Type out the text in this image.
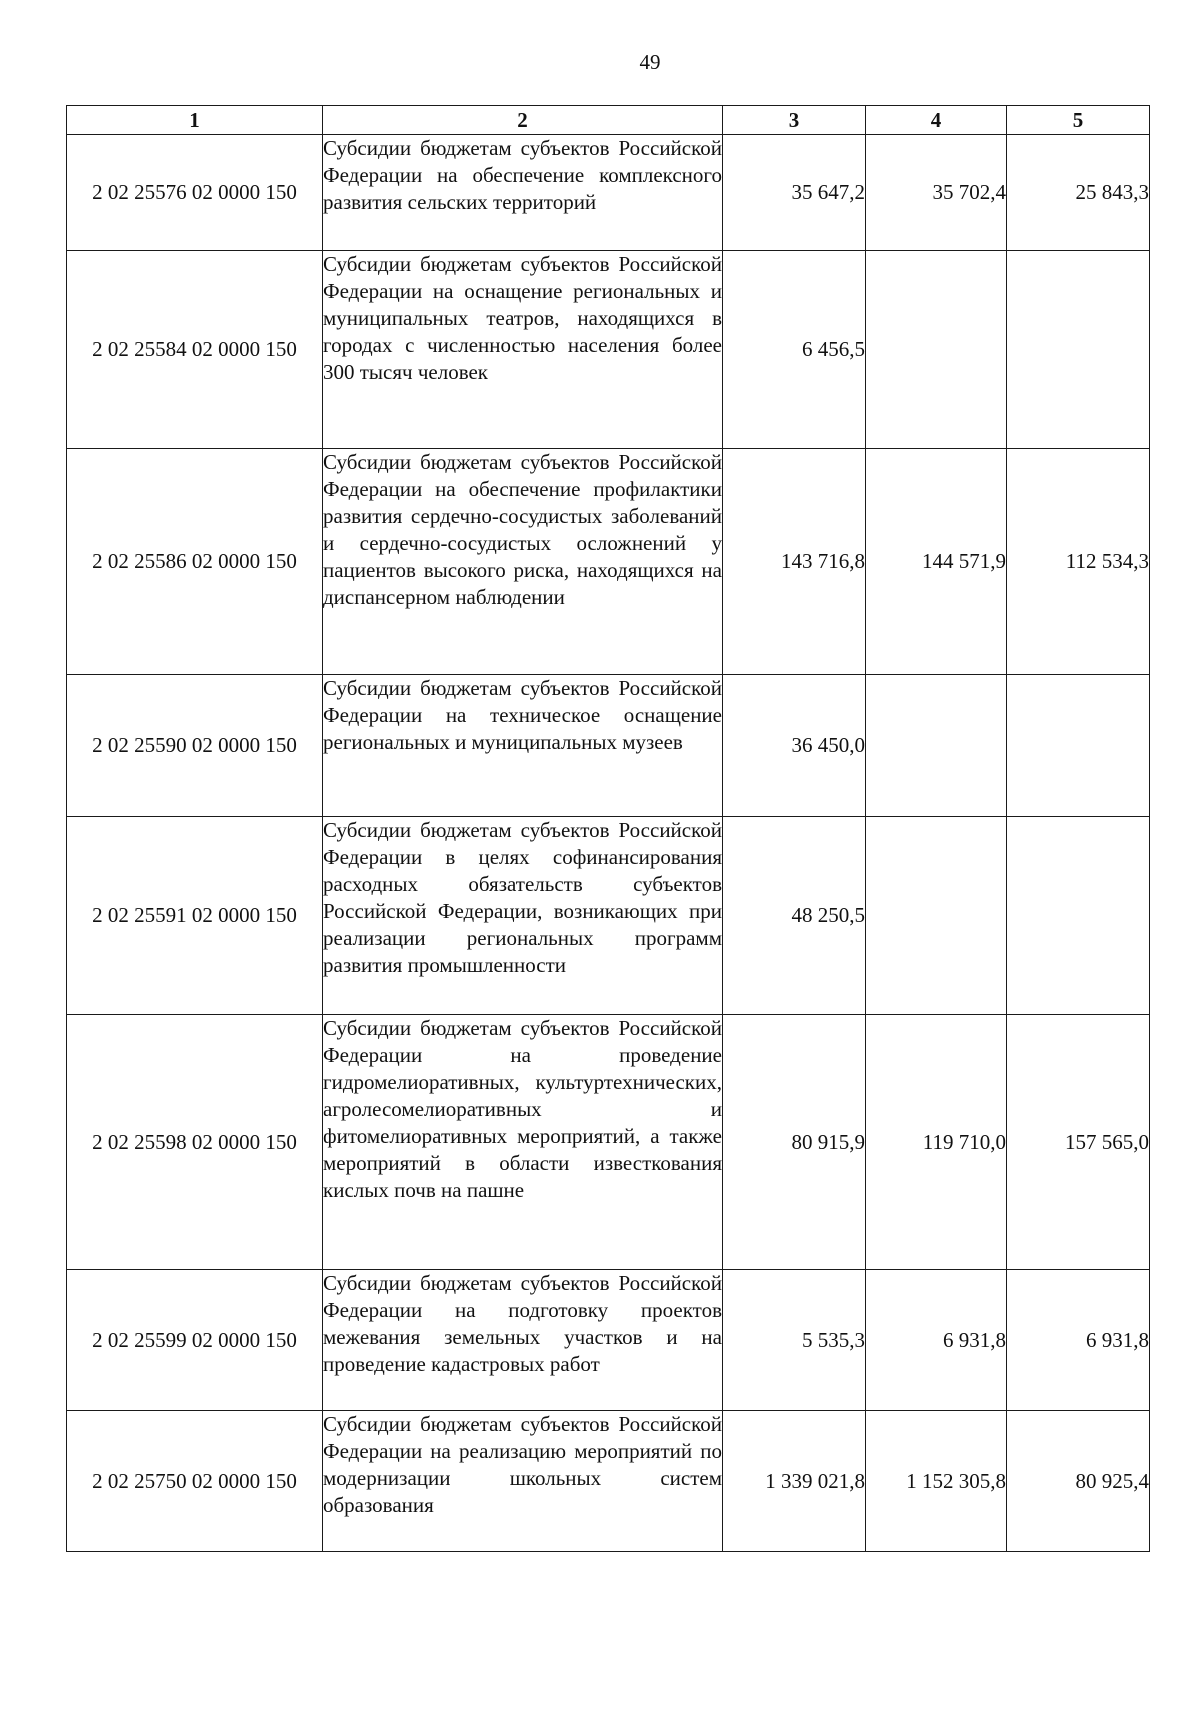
49
1	2	3	4	5
2 02 25576 02 0000 150	Субсидии бюджетам субъектов Российской Федерации на обеспечение комплексного развития сельских территорий	35 647,2	35 702,4	25 843,3
2 02 25584 02 0000 150	Субсидии бюджетам субъектов Российской Федерации на оснащение региональных и муниципальных театров, находящихся в городах с численностью населения более 300 тысяч человек	6 456,5		
2 02 25586 02 0000 150	Субсидии бюджетам субъектов Российской Федерации на обеспечение профилактики развития сердечно-сосудистых заболеваний и сердечно-сосудистых осложнений у пациентов высокого риска, находящихся на диспансерном наблюдении	143 716,8	144 571,9	112 534,3
2 02 25590 02 0000 150	Субсидии бюджетам субъектов Российской Федерации на техническое оснащение региональных и муниципальных музеев	36 450,0		
2 02 25591 02 0000 150	Субсидии бюджетам субъектов Российской Федерации в целях софинансирования расходных обязательств субъектов Российской Федерации, возникающих при реализации региональных программ развития промышленности	48 250,5		
2 02 25598 02 0000 150	Субсидии бюджетам субъектов Российской Федерации на проведение гидромелиоративных, культуртехнических, агролесомелиоративных и фитомелиоративных мероприятий, а также мероприятий в области известкования кислых почв на пашне	80 915,9	119 710,0	157 565,0
2 02 25599 02 0000 150	Субсидии бюджетам субъектов Российской Федерации на подготовку проектов межевания земельных участков и на проведение кадастровых работ	5 535,3	6 931,8	6 931,8
2 02 25750 02 0000 150	Субсидии бюджетам субъектов Российской Федерации на реализацию мероприятий по модернизации школьных систем образования	1 339 021,8	1 152 305,8	80 925,4
